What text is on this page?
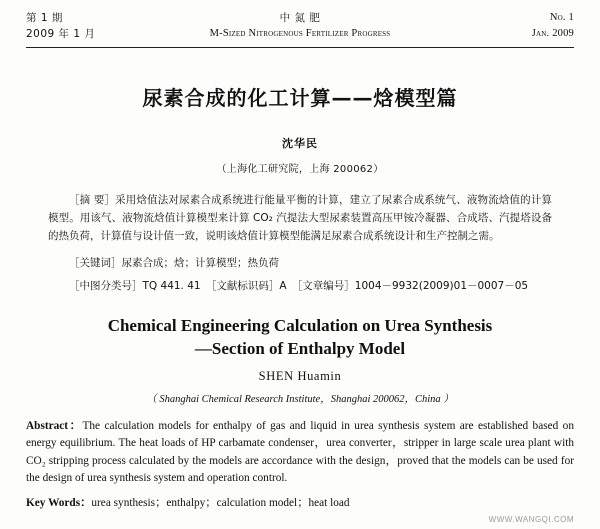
第 1 期
2009 年 1 月
中 氮 肥
M-Sized Nitrogenous Fertilizer Progress
No. 1
Jan. 2009
尿素合成的化工计算——焓模型篇
沈华民
（上海化工研究院，上海 200062）

［摘 要］采用焓值法对尿素合成系统进行能量平衡的计算，建立了尿素合成系统气、液物流焓值的计算模型。用该气、液物流焓值计算模型来计算 CO₂ 汽提法大型尿素装置高压甲铵冷凝器、合成塔、汽提塔设备的热负荷，计算值与设计值一致，说明该焓值计算模型能满足尿素合成系统设计和生产控制之需。

［关键词］尿素合成；焓；计算模型；热负荷

［中图分类号］TQ 441. 41　［文献标识码］A　［文章编号］1004－9932(2009)01－0007－05

Chemical Engineering Calculation on Urea Synthesis
—Section of Enthalpy Model
SHEN Huamin
（ Shanghai Chemical Research Institute，Shanghai 200062，China ）
Abstract：The calculation models for enthalpy of gas and liquid in urea synthesis system are established based on energy equilibrium. The heat loads of HP carbamate condenser，urea converter，stripper in large scale urea plant with CO₂ stripping process calculated by the models are accordance with the design，proved that the models can be used for the design of urea synthesis system and operation control.
Key Words：urea synthesis；enthalpy；calculation model；heat load
WWW.WANGQI.COM
